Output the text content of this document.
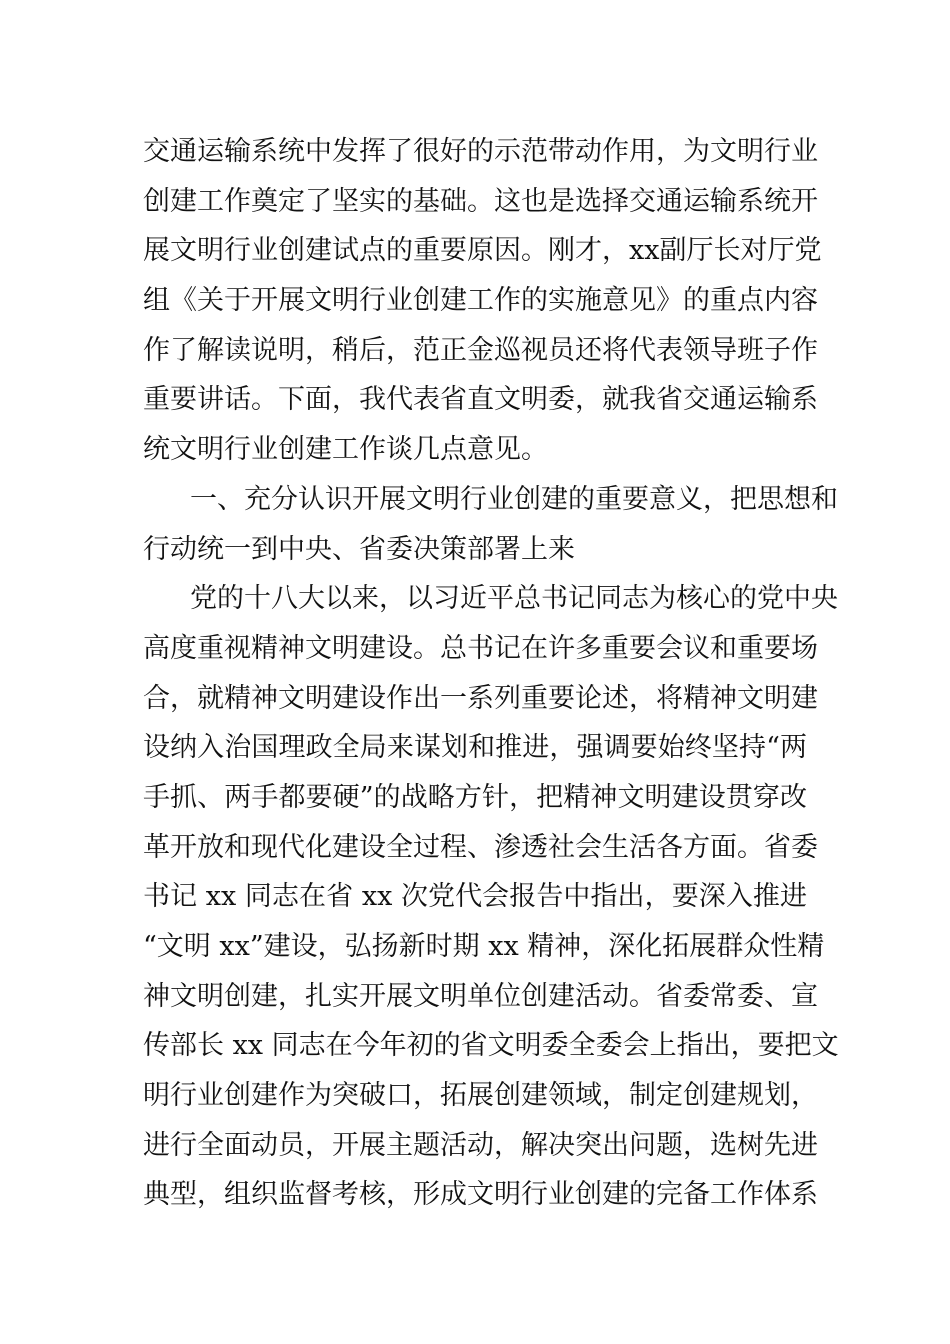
交通运输系统中发挥了很好的示范带动作用，为文明行业
创建工作奠定了坚实的基础。这也是选择交通运输系统开
展文明行业创建试点的重要原因。刚才，xx副厅长对厅党
组《关于开展文明行业创建工作的实施意见》的重点内容
作了解读说明，稍后，范正金巡视员还将代表领导班子作
重要讲话。下面，我代表省直文明委，就我省交通运输系
统文明行业创建工作谈几点意见。
一、充分认识开展文明行业创建的重要意义，把思想和
行动统一到中央、省委决策部署上来
党的十八大以来，以习近平总书记同志为核心的党中央
高度重视精神文明建设。总书记在许多重要会议和重要场
合，就精神文明建设作出一系列重要论述，将精神文明建
设纳入治国理政全局来谋划和推进，强调要始终坚持“两
手抓、两手都要硬”的战略方针，把精神文明建设贯穿改
革开放和现代化建设全过程、渗透社会生活各方面。省委
书记 xx 同志在省 xx 次党代会报告中指出，要深入推进
“文明 xx”建设，弘扬新时期 xx 精神，深化拓展群众性精
神文明创建，扎实开展文明单位创建活动。省委常委、宣
传部长 xx 同志在今年初的省文明委全委会上指出，要把文
明行业创建作为突破口，拓展创建领域，制定创建规划，
进行全面动员，开展主题活动，解决突出问题，选树先进
典型，组织监督考核，形成文明行业创建的完备工作体系
